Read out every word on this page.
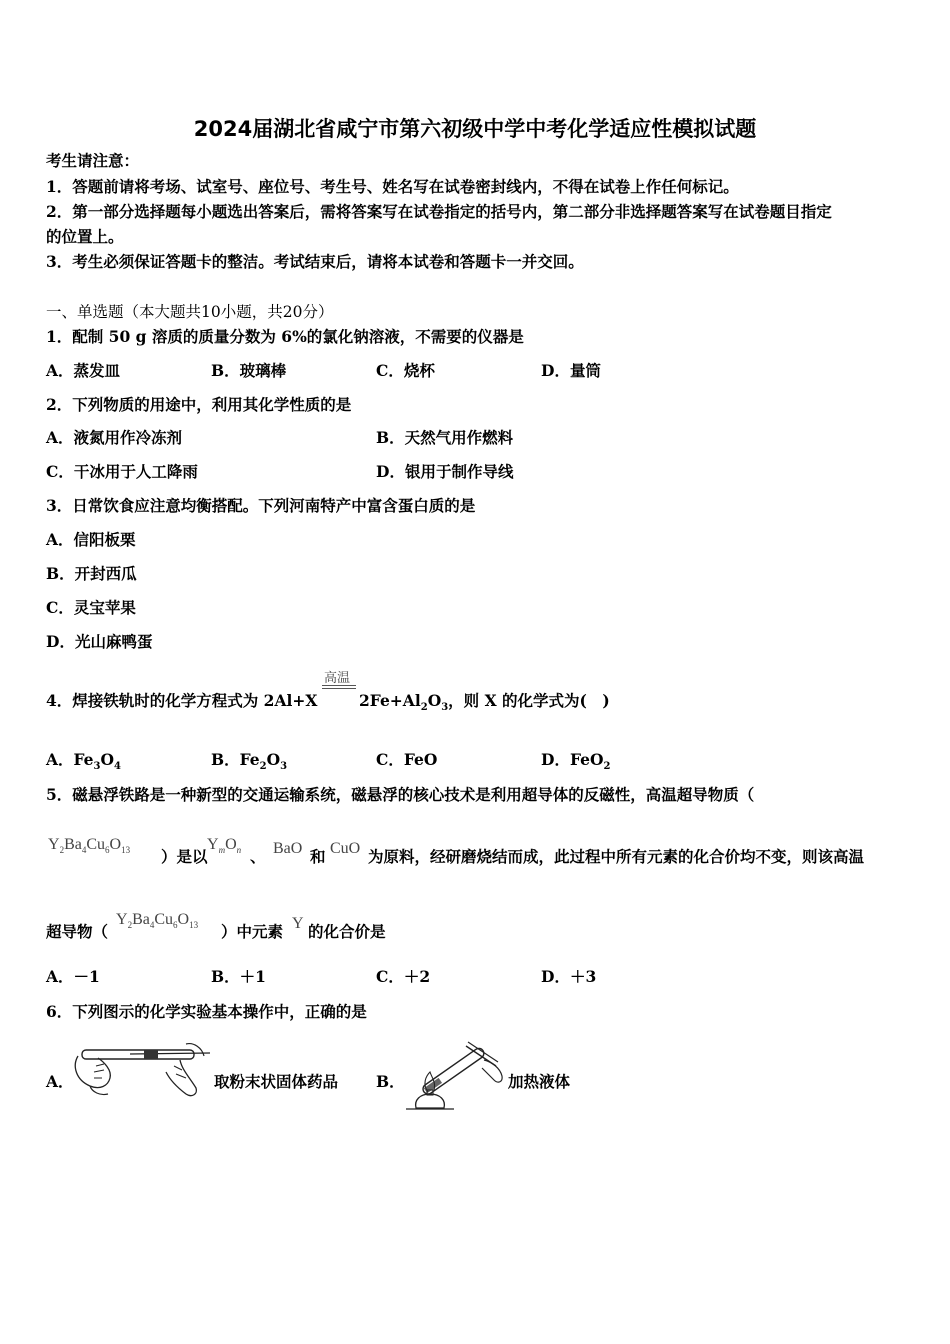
2024届湖北省咸宁市第六初级中学中考化学适应性模拟试题
考生请注意：
1．答题前请将考场、试室号、座位号、考生号、姓名写在试卷密封线内，不得在试卷上作任何标记。
2．第一部分选择题每小题选出答案后，需将答案写在试卷指定的括号内，第二部分非选择题答案写在试卷题目指定
的位置上。
3．考生必须保证答题卡的整洁。考试结束后，请将本试卷和答题卡一并交回。
一、单选题（本大题共10小题，共20分）
1．配制 50 g 溶质的质量分数为 6%的氯化钠溶液，不需要的仪器是
A．蒸发皿	B．玻璃棒	C．烧杯	D．量筒
2．下列物质的用途中，利用其化学性质的是
A．液氮用作冷冻剂	B．天然气用作燃料
C．干冰用于人工降雨	D．银用于制作导线
3．日常饮食应注意均衡搭配。下列河南特产中富含蛋白质的是
A．信阳板栗
B．开封西瓜
C．灵宝苹果
D．光山麻鸭蛋
4．焊接铁轨时的化学方程式为 2Al+X
高温
$2Fe+Al_2O_3$，则 X 的化学式为(　)
A．$Fe_3O_4$	B．$Fe_2O_3$	C．FeO	D．FeO$_2$
5．磁悬浮铁路是一种新型的交通运输系统，磁悬浮的核心技术是利用超导体的反磁性，高温超导物质（
$Y_2Ba_4Cu_6O_{13}$ ）是以
$Y_mO_n$ 、 BaO 和 CuO 为原料，经研磨烧结而成，此过程中所有元素的化合价均不变，则该高温
超导物（
$Y_2Ba_4Cu_6O_{13}$ ）中元素 Y 的化合价是
A．－1	B．＋1	C．＋2	D．＋3
6．下列图示的化学实验基本操作中，正确的是
A．	取粉末状固体药品 B．	加热液体
